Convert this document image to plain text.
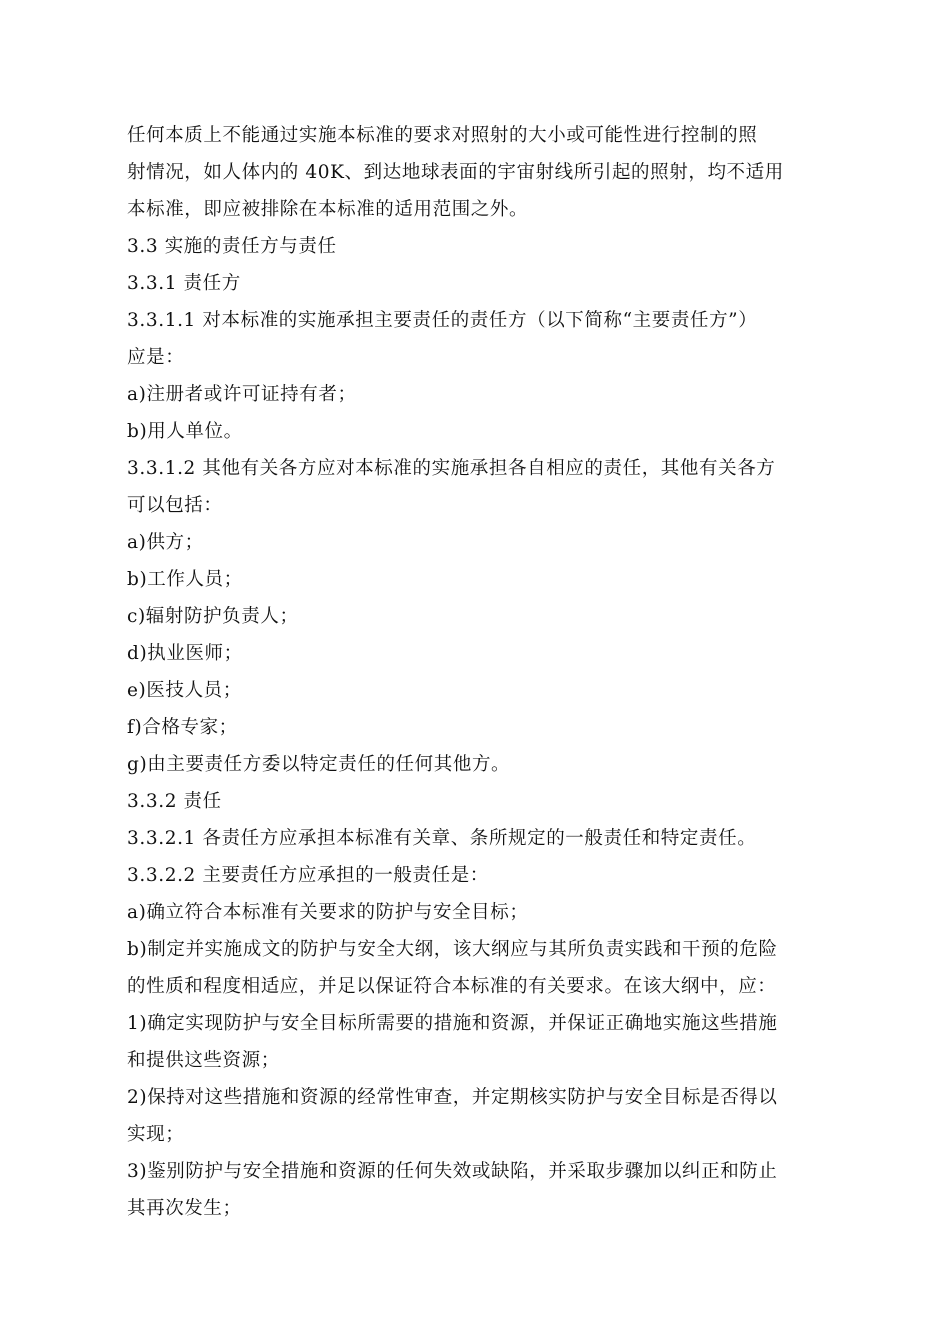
任何本质上不能通过实施本标准的要求对照射的大小或可能性进行控制的照
射情况，如人体内的 40K、到达地球表面的宇宙射线所引起的照射，均不适用
本标准，即应被排除在本标准的适用范围之外。
3.3 实施的责任方与责任
3.3.1 责任方
3.3.1.1 对本标准的实施承担主要责任的责任方（以下简称“主要责任方”）
应是：
a)注册者或许可证持有者；
b)用人单位。
3.3.1.2 其他有关各方应对本标准的实施承担各自相应的责任，其他有关各方
可以包括：
a)供方；
b)工作人员；
c)辐射防护负责人；
d)执业医师；
e)医技人员；
f)合格专家；
g)由主要责任方委以特定责任的任何其他方。
3.3.2 责任
3.3.2.1 各责任方应承担本标准有关章、条所规定的一般责任和特定责任。
3.3.2.2 主要责任方应承担的一般责任是：
a)确立符合本标准有关要求的防护与安全目标；
b)制定并实施成文的防护与安全大纲，该大纲应与其所负责实践和干预的危险
的性质和程度相适应，并足以保证符合本标准的有关要求。在该大纲中，应：
1)确定实现防护与安全目标所需要的措施和资源，并保证正确地实施这些措施
和提供这些资源；
2)保持对这些措施和资源的经常性审查，并定期核实防护与安全目标是否得以
实现；
3)鉴别防护与安全措施和资源的任何失效或缺陷，并采取步骤加以纠正和防止
其再次发生；
